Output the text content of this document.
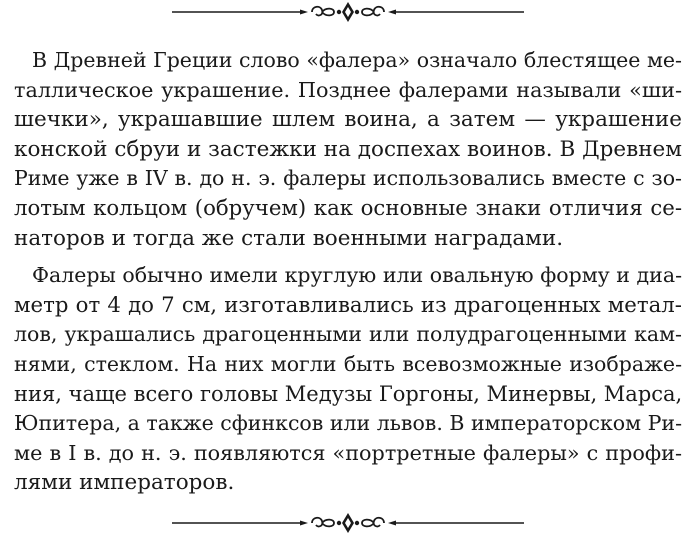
В Древней Греции слово «фалера» означало блестящее ме-
таллическое украшение. Позднее фалерами называли «ши-
шечки», украшавшие шлем воина, а затем — украшение
конской сбруи и застежки на доспехах воинов. В Древнем
Риме уже в IV в. до н. э. фалеры использовались вместе с зо-
лотым кольцом (обручем) как основные знаки отличия се-
наторов и тогда же стали военными наградами.

Фалеры обычно имели круглую или овальную форму и диа-
метр от 4 до 7 см, изготавливались из драгоценных метал-
лов, украшались драгоценными или полудрагоценными кам-
нями, стеклом. На них могли быть всевозможные изображе-
ния, чаще всего головы Медузы Горгоны, Минервы, Марса,
Юпитера, а также сфинксов или львов. В императорском Ри-
ме в I в. до н. э. появляются «портретные фалеры» с профи-
лями императоров.
